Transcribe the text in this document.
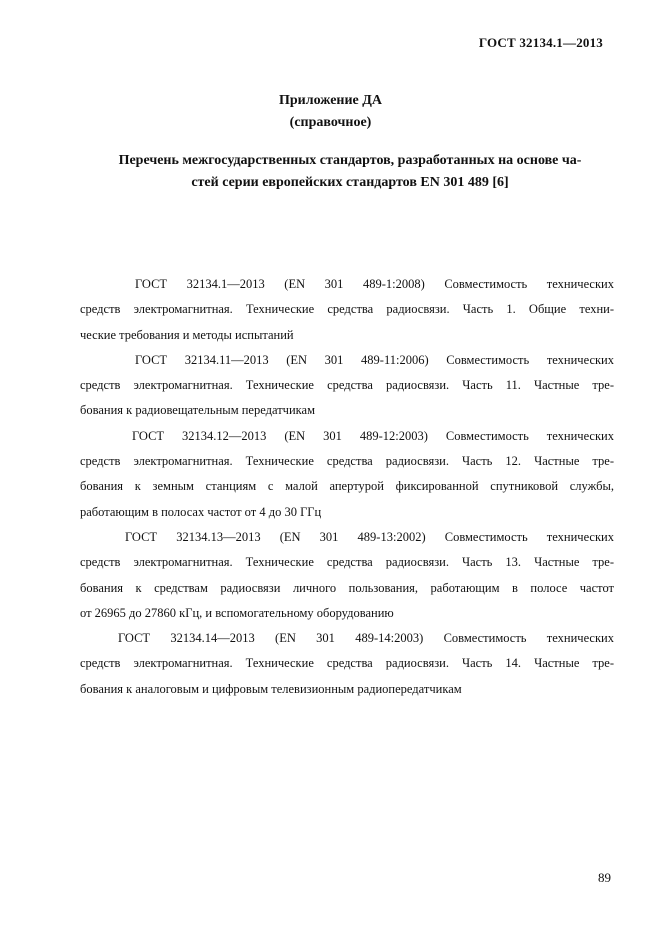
ГОСТ 32134.1—2013
Приложение ДА
(справочное)
Перечень межгосударственных стандартов, разработанных на основе ча-
стей серии европейских стандартов EN 301 489 [6]
ГОСТ 32134.1—2013 (EN 301 489-1:2008) Совместимость технических
средств электромагнитная. Технические средства радиосвязи. Часть 1. Общие техни-
ческие требования и методы испытаний
ГОСТ 32134.11—2013 (EN 301 489-11:2006) Совместимость технических
средств электромагнитная. Технические средства радиосвязи. Часть 11. Частные тре-
бования к радиовещательным передатчикам
ГОСТ 32134.12—2013 (EN 301 489-12:2003) Совместимость технических
средств электромагнитная. Технические средства радиосвязи. Часть 12. Частные тре-
бования к земным станциям с малой апертурой фиксированной спутниковой службы,
работающим в полосах частот от 4 до 30 ГГц
ГОСТ 32134.13—2013 (EN 301 489-13:2002) Совместимость технических
средств электромагнитная. Технические средства радиосвязи. Часть 13. Частные тре-
бования к средствам радиосвязи личного пользования, работающим в полосе частот
от 26965 до 27860 кГц, и вспомогательному оборудованию
ГОСТ 32134.14—2013 (EN 301 489-14:2003) Совместимость технических
средств электромагнитная. Технические средства радиосвязи. Часть 14. Частные тре-
бования к аналоговым и цифровым телевизионным радиопередатчикам
89
